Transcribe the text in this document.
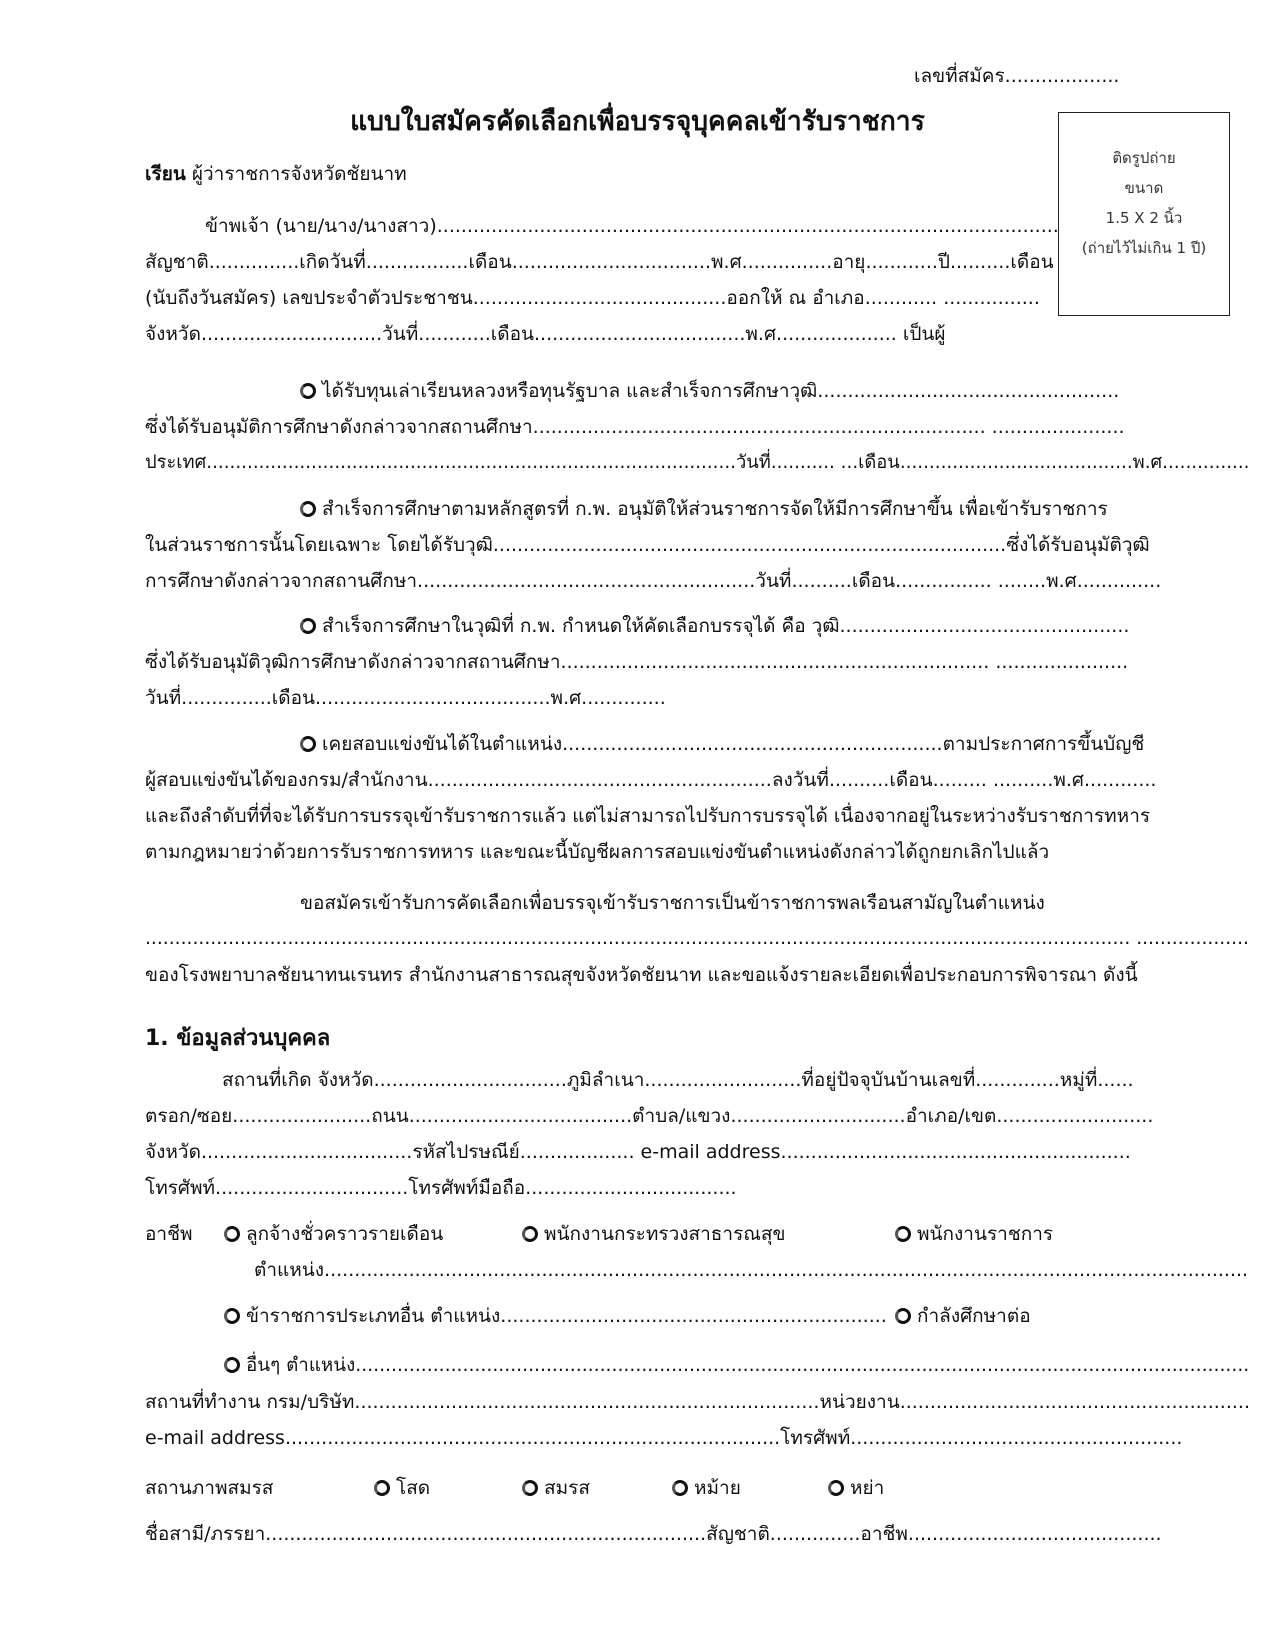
เลขที่สมัคร...................
แบบใบสมัครคัดเลือกเพื่อบรรจุบุคคลเข้ารับราชการ
ติดรูปถ่าย
ขนาด
1.5 X 2 นิ้ว
(ถ่ายไว้ไม่เกิน 1 ปี)
เรียน ผู้ว่าราชการจังหวัดชัยนาท
ข้าพเจ้า (นาย/นาง/นางสาว).......................................................................................................
สัญชาติ...............เกิดวันที่.................เดือน.................................พ.ศ...............อายุ............ปี..........เดือน
(นับถึงวันสมัคร) เลขประจำตัวประชาชน..........................................ออกให้ ณ อำเภอ............ ................
จังหวัด..............................วันที่............เดือน...................................พ.ศ.................... เป็นผู้
ได้รับทุนเล่าเรียนหลวงหรือทุนรัฐบาล และสำเร็จการศึกษาวุฒิ..................................................
ซึ่งได้รับอนุมัติการศึกษาดังกล่าวจากสถานศึกษา........................................................................... ......................
ประเทศ...........................................................................................วันที่........... ...เดือน........................................พ.ศ...............
สำเร็จการศึกษาตามหลักสูตรที่ ก.พ. อนุมัติให้ส่วนราชการจัดให้มีการศึกษาขึ้น เพื่อเข้ารับราชการ
ในส่วนราชการนั้นโดยเฉพาะ โดยได้รับวุฒิ.....................................................................................ซึ่งได้รับอนุมัติวุฒิ
การศึกษาดังกล่าวจากสถานศึกษา........................................................วันที่..........เดือน................ ........พ.ศ..............
สำเร็จการศึกษาในวุฒิที่ ก.พ. กำหนดให้คัดเลือกบรรจุได้ คือ วุฒิ................................................
ซึ่งได้รับอนุมัติวุฒิการศึกษาดังกล่าวจากสถานศึกษา....................................................................... ......................
วันที่...............เดือน.......................................พ.ศ..............
เคยสอบแข่งขันได้ในตำแหน่ง...............................................................ตามประกาศการขึ้นบัญชี
ผู้สอบแข่งขันได้ของกรม/สำนักงาน.........................................................ลงวันที่..........เดือน......... ..........พ.ศ............
และถึงลำดับที่ที่จะได้รับการบรรจุเข้ารับราชการแล้ว แต่ไม่สามารถไปรับการบรรจุได้ เนื่องจากอยู่ในระหว่างรับราชการทหาร
ตามกฎหมายว่าด้วยการรับราชการทหาร และขณะนี้บัญชีผลการสอบแข่งขันตำแหน่งดังกล่าวได้ถูกยกเลิกไปแล้ว
ขอสมัครเข้ารับการคัดเลือกเพื่อบรรจุเข้ารับราชการเป็นข้าราชการพลเรือนสามัญในตำแหน่ง
...................................................................................................................................................................... ...................
ของโรงพยาบาลชัยนาทนเรนทร สำนักงานสาธารณสุขจังหวัดชัยนาท และขอแจ้งรายละเอียดเพื่อประกอบการพิจารณา ดังนี้
1. ข้อมูลส่วนบุคคล
สถานที่เกิด จังหวัด................................ภูมิลำเนา..........................ที่อยู่ปัจจุบันบ้านเลขที่..............หมู่ที่......
ตรอก/ซอย.......................ถนน.....................................ตำบล/แขวง.............................อำเภอ/เขต..........................
จังหวัด...................................รหัสไปรษณีย์................... e-mail address..........................................................
โทรศัพท์................................โทรศัพท์มือถือ...................................
อาชีพ	ลูกจ้างชั่วคราวรายเดือน	พนักงานกระทรวงสาธารณสุข	พนักงานราชการ
ตำแหน่ง.........................................................................................................................................................
ข้าราชการประเภทอื่น ตำแหน่ง................................................................	กำลังศึกษาต่อ
อื่นๆ ตำแหน่ง......................................................................................................................................................
สถานที่ทำงาน กรม/บริษัท.............................................................................หน่วยงาน..........................................................
e-mail address..................................................................................โทรศัพท์.......................................................
สถานภาพสมรส	โสด	สมรส	หม้าย	หย่า
ชื่อสามี/ภรรยา.........................................................................สัญชาติ...............อาชีพ..........................................
